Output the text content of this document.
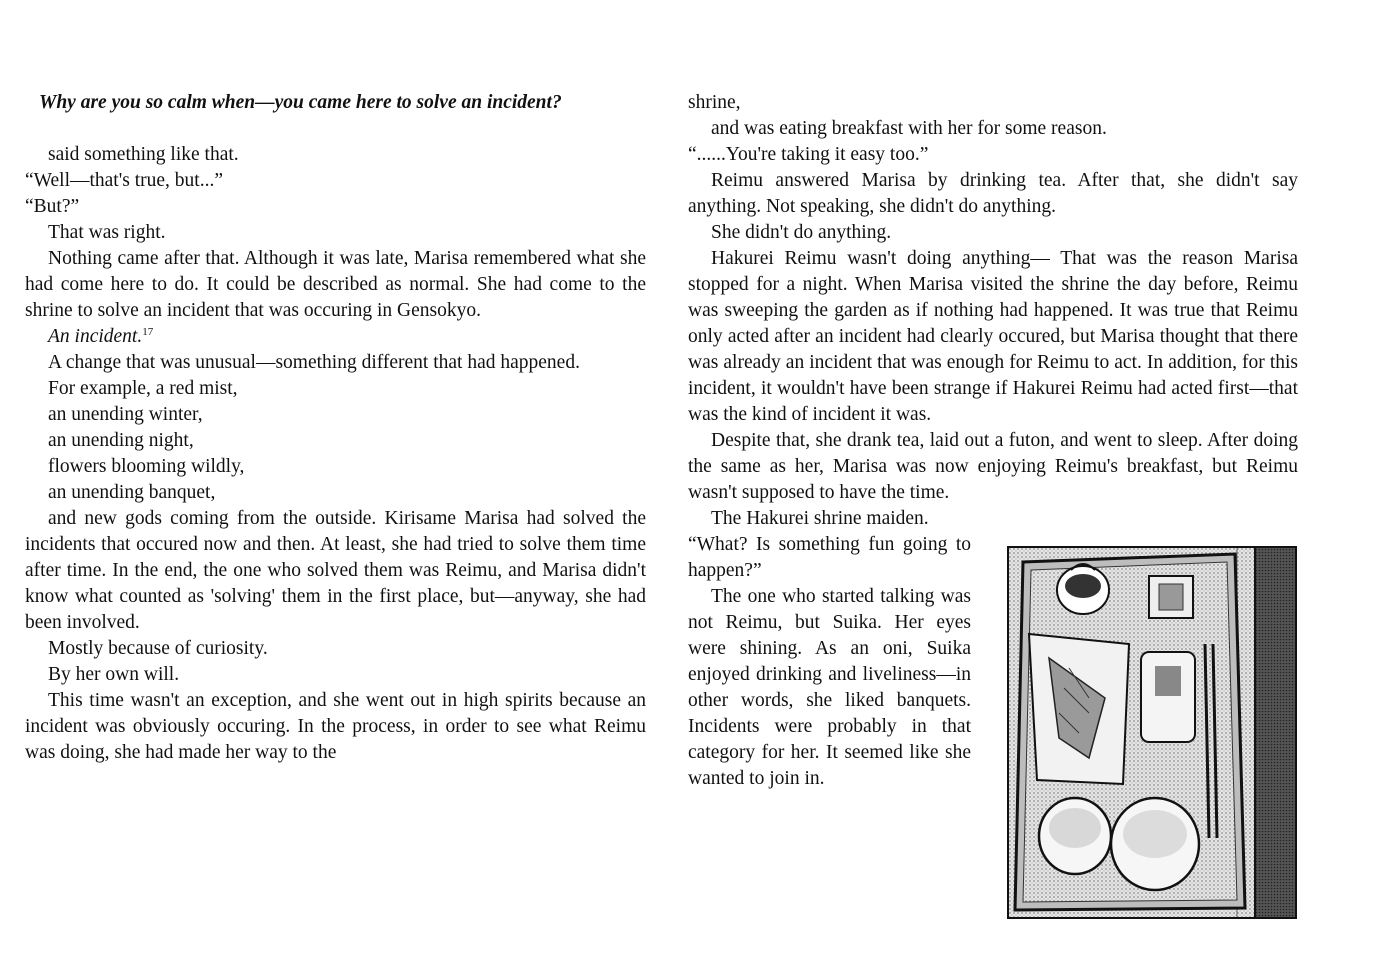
Why are you so calm when—you came here to solve an incident?

said something like that.

“Well—that's true, but...”

“But?”

That was right.

Nothing came after that. Although it was late, Marisa remembered what she had come here to do. It could be described as normal. She had come to the shrine to solve an incident that was occuring in Gensokyo.

An incident.$^{17}$

A change that was unusual—something different that had happened.

For example, a red mist,

an unending winter,

an unending night,

flowers blooming wildly,

an unending banquet,

and new gods coming from the outside. Kirisame Marisa had solved the incidents that occured now and then. At least, she had tried to solve them time after time. In the end, the one who solved them was Reimu, and Marisa didn't know what counted as 'solving' them in the first place, but—anyway, she had been involved.

Mostly because of curiosity.

By her own will.

This time wasn't an exception, and she went out in high spirits because an incident was obviously occuring. In the process, in order to see what Reimu was doing, she had made her way to the

shrine,

and was eating breakfast with her for some reason.

“......You're taking it easy too.”

Reimu answered Marisa by drinking tea. After that, she didn't say anything. Not speaking, she didn't do anything.

She didn't do anything.

Hakurei Reimu wasn't doing anything— That was the reason Marisa stopped for a night. When Marisa visited the shrine the day before, Reimu was sweeping the garden as if nothing had happened. It was true that Reimu only acted after an incident had clearly occured, but Marisa thought that there was already an incident that was enough for Reimu to act. In addition, for this incident, it wouldn't have been strange if Hakurei Reimu had acted first—that was the kind of incident it was.

Despite that, she drank tea, laid out a futon, and went to sleep. After doing the same as her, Marisa was now enjoying Reimu's breakfast, but Reimu wasn't supposed to have the time.

The Hakurei shrine maiden.

“What? Is something fun going to happen?”

The one who started talking was not Reimu, but Suika. Her eyes were shining. As an oni, Suika enjoyed drinking and liveliness—in other words, she liked banquets. Incidents were probably in that category for her. It seemed like she wanted to join in.
